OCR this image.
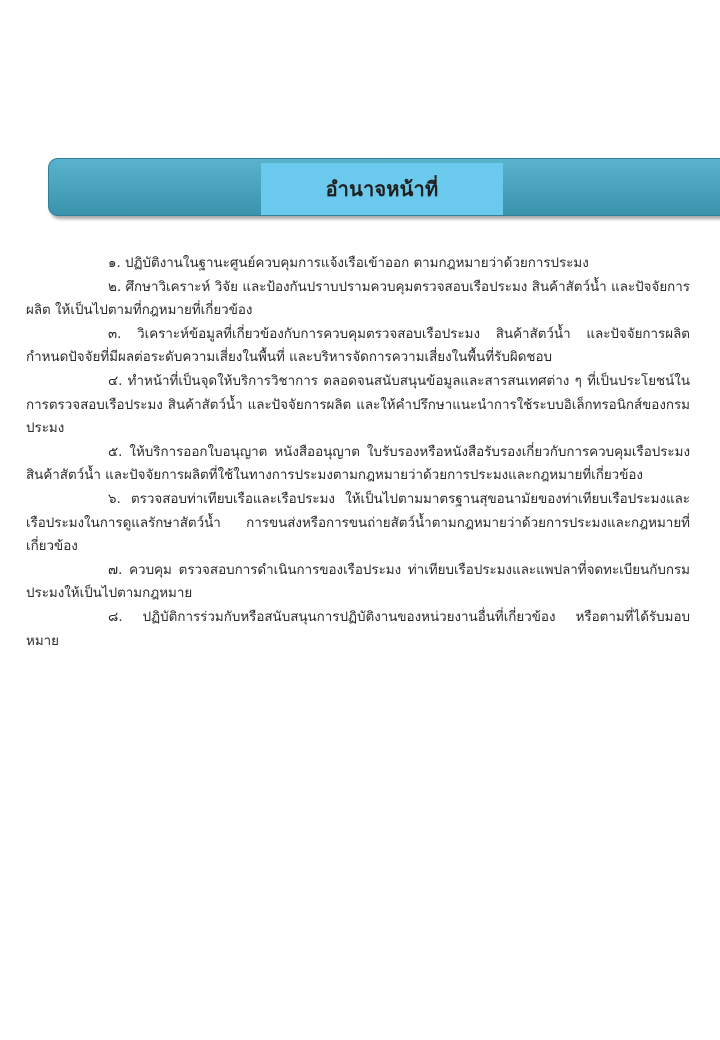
อำนาจหน้าที่

๑. ปฏิบัติงานในฐานะศูนย์ควบคุมการแจ้งเรือเข้าออก ตามกฎหมายว่าด้วยการประมง

๒. ศึกษาวิเคราะห์ วิจัย และป้องกันปราบปรามควบคุมตรวจสอบเรือประมง สินค้าสัตว์น้ำ และปัจจัยการผลิต ให้เป็นไปตามที่กฎหมายที่เกี่ยวข้อง

๓. วิเคราะห์ข้อมูลที่เกี่ยวข้องกับการควบคุมตรวจสอบเรือประมง สินค้าสัตว์น้ำ และปัจจัยการผลิต กำหนดปัจจัยที่มีผลต่อระดับความเสี่ยงในพื้นที่ และบริหารจัดการความเสี่ยงในพื้นที่รับผิดชอบ

๔. ทำหน้าที่เป็นจุดให้บริการวิชาการ ตลอดจนสนับสนุนข้อมูลและสารสนเทศต่าง ๆ ที่เป็นประโยชน์ในการตรวจสอบเรือประมง สินค้าสัตว์น้ำ และปัจจัยการผลิต และให้คำปรึกษาแนะนำการใช้ระบบอิเล็กทรอนิกส์ของกรมประมง

๕. ให้บริการออกใบอนุญาต หนังสืออนุญาต ใบรับรองหรือหนังสือรับรองเกี่ยวกับการควบคุมเรือประมง สินค้าสัตว์น้ำ และปัจจัยการผลิตที่ใช้ในทางการประมงตามกฎหมายว่าด้วยการประมงและกฎหมายที่เกี่ยวข้อง

๖. ตรวจสอบท่าเทียบเรือและเรือประมง ให้เป็นไปตามมาตรฐานสุขอนามัยของท่าเทียบเรือประมงและเรือประมงในการดูแลรักษาสัตว์น้ำ การขนส่งหรือการขนถ่ายสัตว์น้ำตามกฎหมายว่าด้วยการประมงและกฎหมายที่เกี่ยวข้อง

๗. ควบคุม ตรวจสอบการดำเนินการของเรือประมง ท่าเทียบเรือประมงและแพปลาที่จดทะเบียนกับกรมประมงให้เป็นไปตามกฎหมาย

๘. ปฏิบัติการร่วมกับหรือสนับสนุนการปฏิบัติงานของหน่วยงานอื่นที่เกี่ยวข้อง หรือตามที่ได้รับมอบหมาย
